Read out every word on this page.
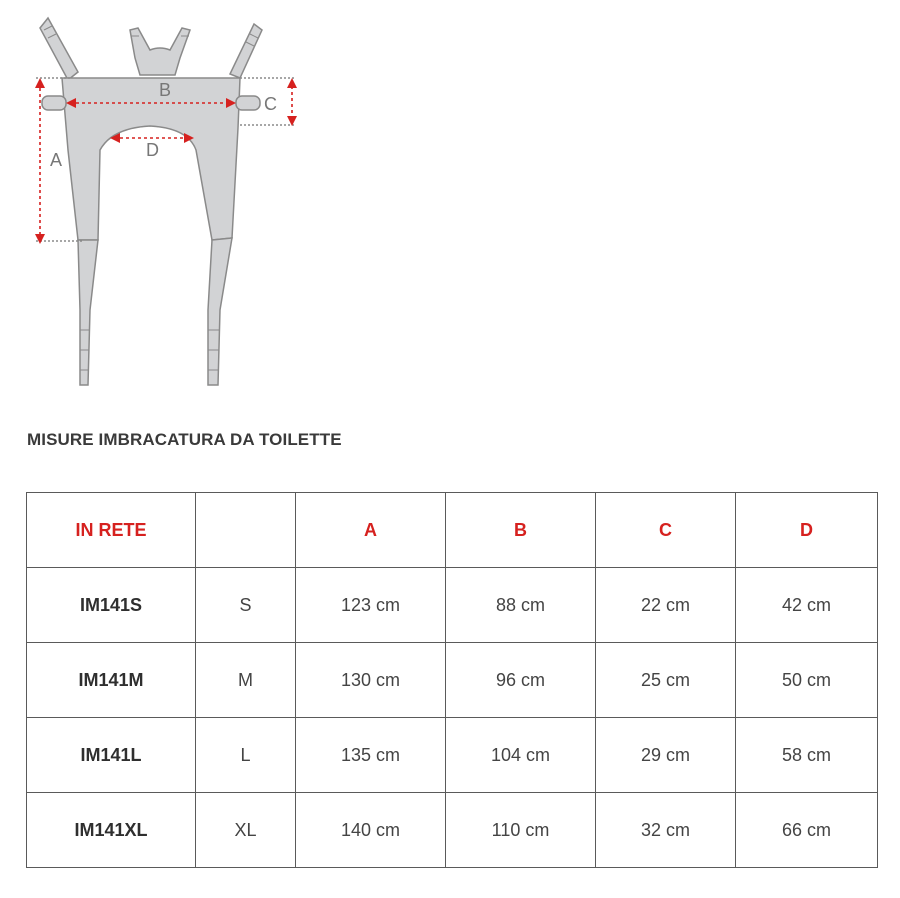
A
B
C
D
MISURE IMBRACATURA DA TOILETTE
IN RETE		A	B	C	D
IM141S	S	123 cm	88 cm	22 cm	42 cm
IM141M	M	130 cm	96 cm	25 cm	50 cm
IM141L	L	135 cm	104 cm	29 cm	58 cm
IM141XL	XL	140 cm	110 cm	32 cm	66 cm
